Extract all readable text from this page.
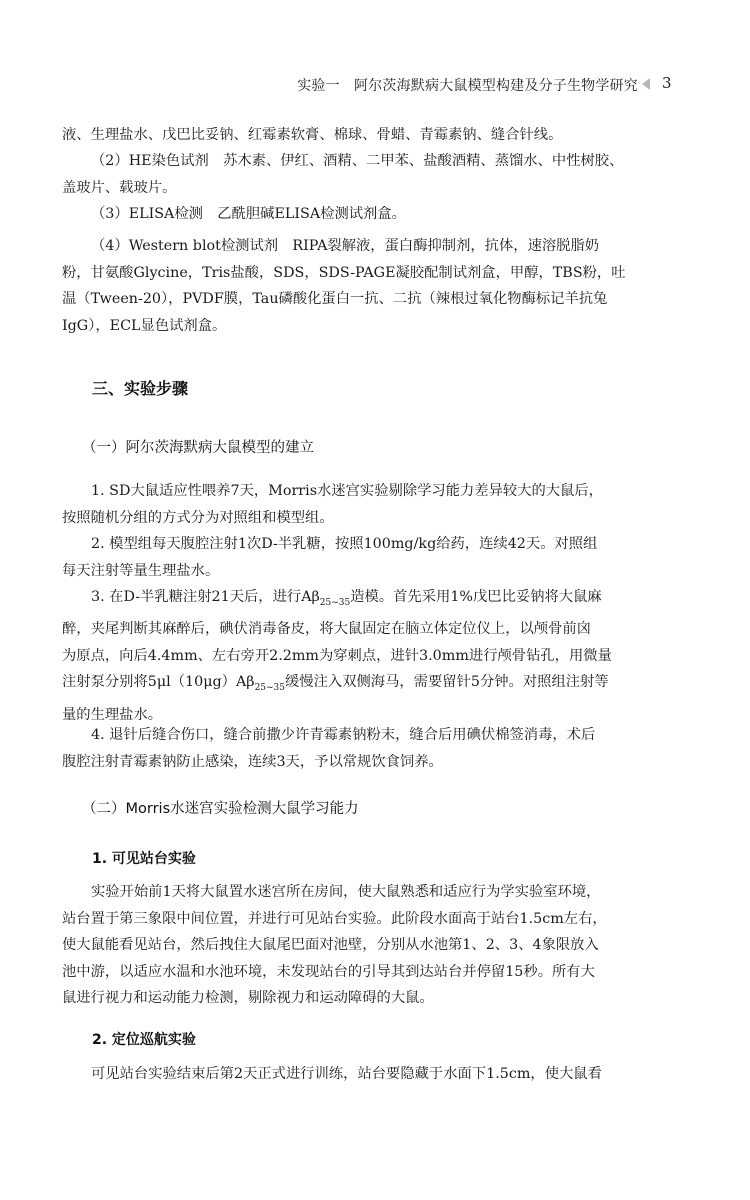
实验一　阿尔茨海默病大鼠模型构建及分子生物学研究 3
液、生理盐水、戊巴比妥钠、红霉素软膏、棉球、骨蜡、青霉素钠、缝合针线。
（2）HE染色试剂　苏木素、伊红、酒精、二甲苯、盐酸酒精、蒸馏水、中性树胶、
盖玻片、载玻片。
（3）ELISA检测　乙酰胆碱ELISA检测试剂盒。
（4）Western blot检测试剂　RIPA裂解液，蛋白酶抑制剂，抗体，速溶脱脂奶
粉，甘氨酸Glycine，Tris盐酸，SDS，SDS-PAGE凝胶配制试剂盒，甲醇，TBS粉，吐
温（Tween-20），PVDF膜，Tau磷酸化蛋白一抗、二抗（辣根过氧化物酶标记羊抗兔
IgG），ECL显色试剂盒。
三、实验步骤
（一）阿尔茨海默病大鼠模型的建立
1. SD大鼠适应性喂养7天，Morris水迷宫实验剔除学习能力差异较大的大鼠后，
按照随机分组的方式分为对照组和模型组。
2. 模型组每天腹腔注射1次D-半乳糖，按照100mg/kg给药，连续42天。对照组
每天注射等量生理盐水。
3. 在D-半乳糖注射21天后，进行$A\beta_{25\sim 35}$造模。首先采用1%戊巴比妥钠将大鼠麻
醉，夹尾判断其麻醉后，碘伏消毒备皮，将大鼠固定在脑立体定位仪上，以颅骨前囟
为原点，向后4.4mm、左右旁开2.2mm为穿刺点，进针3.0mm进行颅骨钻孔，用微量
注射泵分别将$5\mu l(10\mu g)A\beta_{25\sim 35}$缓慢注入双侧海马，需要留针5分钟。对照组注射等
量的生理盐水。
4. 退针后缝合伤口，缝合前撒少许青霉素钠粉末，缝合后用碘伏棉签消毒，术后
腹腔注射青霉素钠防止感染，连续3天，予以常规饮食饲养。
（二）Morris水迷宫实验检测大鼠学习能力
1. 可见站台实验
实验开始前1天将大鼠置水迷宫所在房间，使大鼠熟悉和适应行为学实验室环境，
站台置于第三象限中间位置，并进行可见站台实验。此阶段水面高于站台1.5cm左右，
使大鼠能看见站台，然后拽住大鼠尾巴面对池壁，分别从水池第1、2、3、4象限放入
池中游，以适应水温和水池环境，未发现站台的引导其到达站台并停留15秒。所有大
鼠进行视力和运动能力检测，剔除视力和运动障碍的大鼠。
2. 定位巡航实验
可见站台实验结束后第2天正式进行训练，站台要隐藏于水面下1.5cm，使大鼠看
